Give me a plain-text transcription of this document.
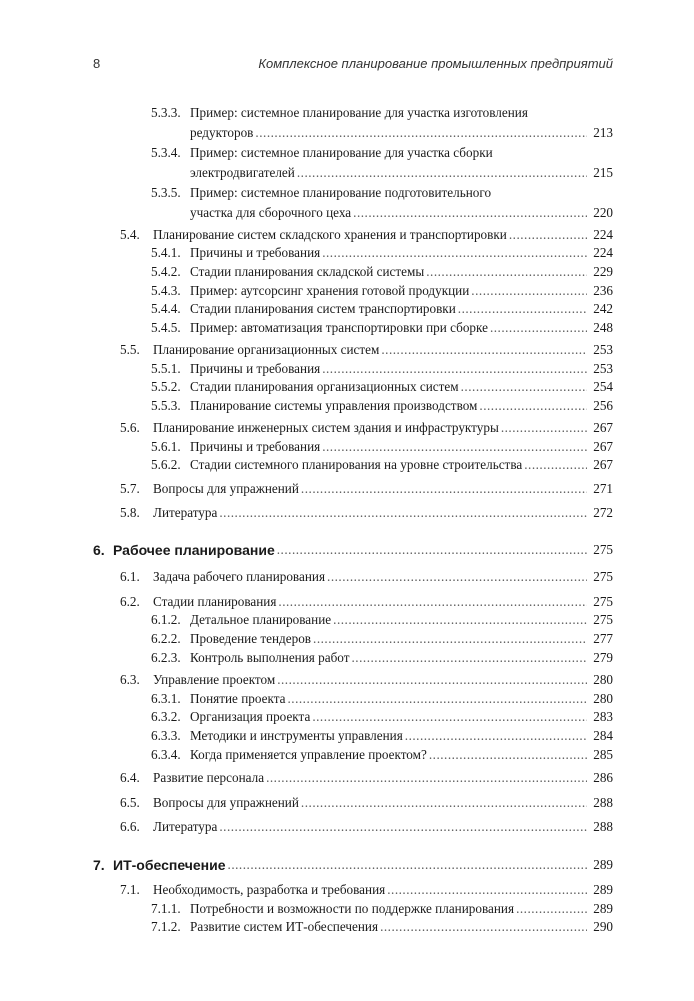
8	Комплексное планирование промышленных предприятий
5.3.3. Пример: системное планирование для участка изготовления
редукторов .....	213
5.3.4. Пример: системное планирование для участка сборки
электродвигателей .....	215
5.3.5. Пример: системное планирование подготовительного
участка для сборочного цеха .....	220
5.4. Планирование систем складского хранения и транспортировки .....	224
5.4.1. Причины и требования .....	224
5.4.2. Стадии планирования складской системы .....	229
5.4.3. Пример: аутсорсинг хранения готовой продукции .....	236
5.4.4. Стадии планирования систем транспортировки .....	242
5.4.5. Пример: автоматизация транспортировки при сборке .....	248
5.5. Планирование организационных систем .....	253
5.5.1. Причины и требования .....	253
5.5.2. Стадии планирования организационных систем .....	254
5.5.3. Планирование системы управления производством .....	256
5.6. Планирование инженерных систем здания и инфраструктуры .....	267
5.6.1. Причины и требования .....	267
5.6.2. Стадии системного планирования на уровне строительства .....	267
5.7. Вопросы для упражнений .....	271
5.8. Литература .....	272
6. Рабочее планирование .....	275
6.1. Задача рабочего планирования .....	275
6.2. Стадии планирования .....	275
6.1.2. Детальное планирование .....	275
6.2.2. Проведение тендеров .....	277
6.2.3. Контроль выполнения работ .....	279
6.3. Управление проектом .....	280
6.3.1. Понятие проекта .....	280
6.3.2. Организация проекта .....	283
6.3.3. Методики и инструменты управления .....	284
6.3.4. Когда применяется управление проектом? .....	285
6.4. Развитие персонала .....	286
6.5. Вопросы для упражнений .....	288
6.6. Литература .....	288
7. ИТ-обеспечение .....	289
7.1. Необходимость, разработка и требования .....	289
7.1.1. Потребности и возможности по поддержке планирования .....	289
7.1.2. Развитие систем ИТ-обеспечения .....	290
